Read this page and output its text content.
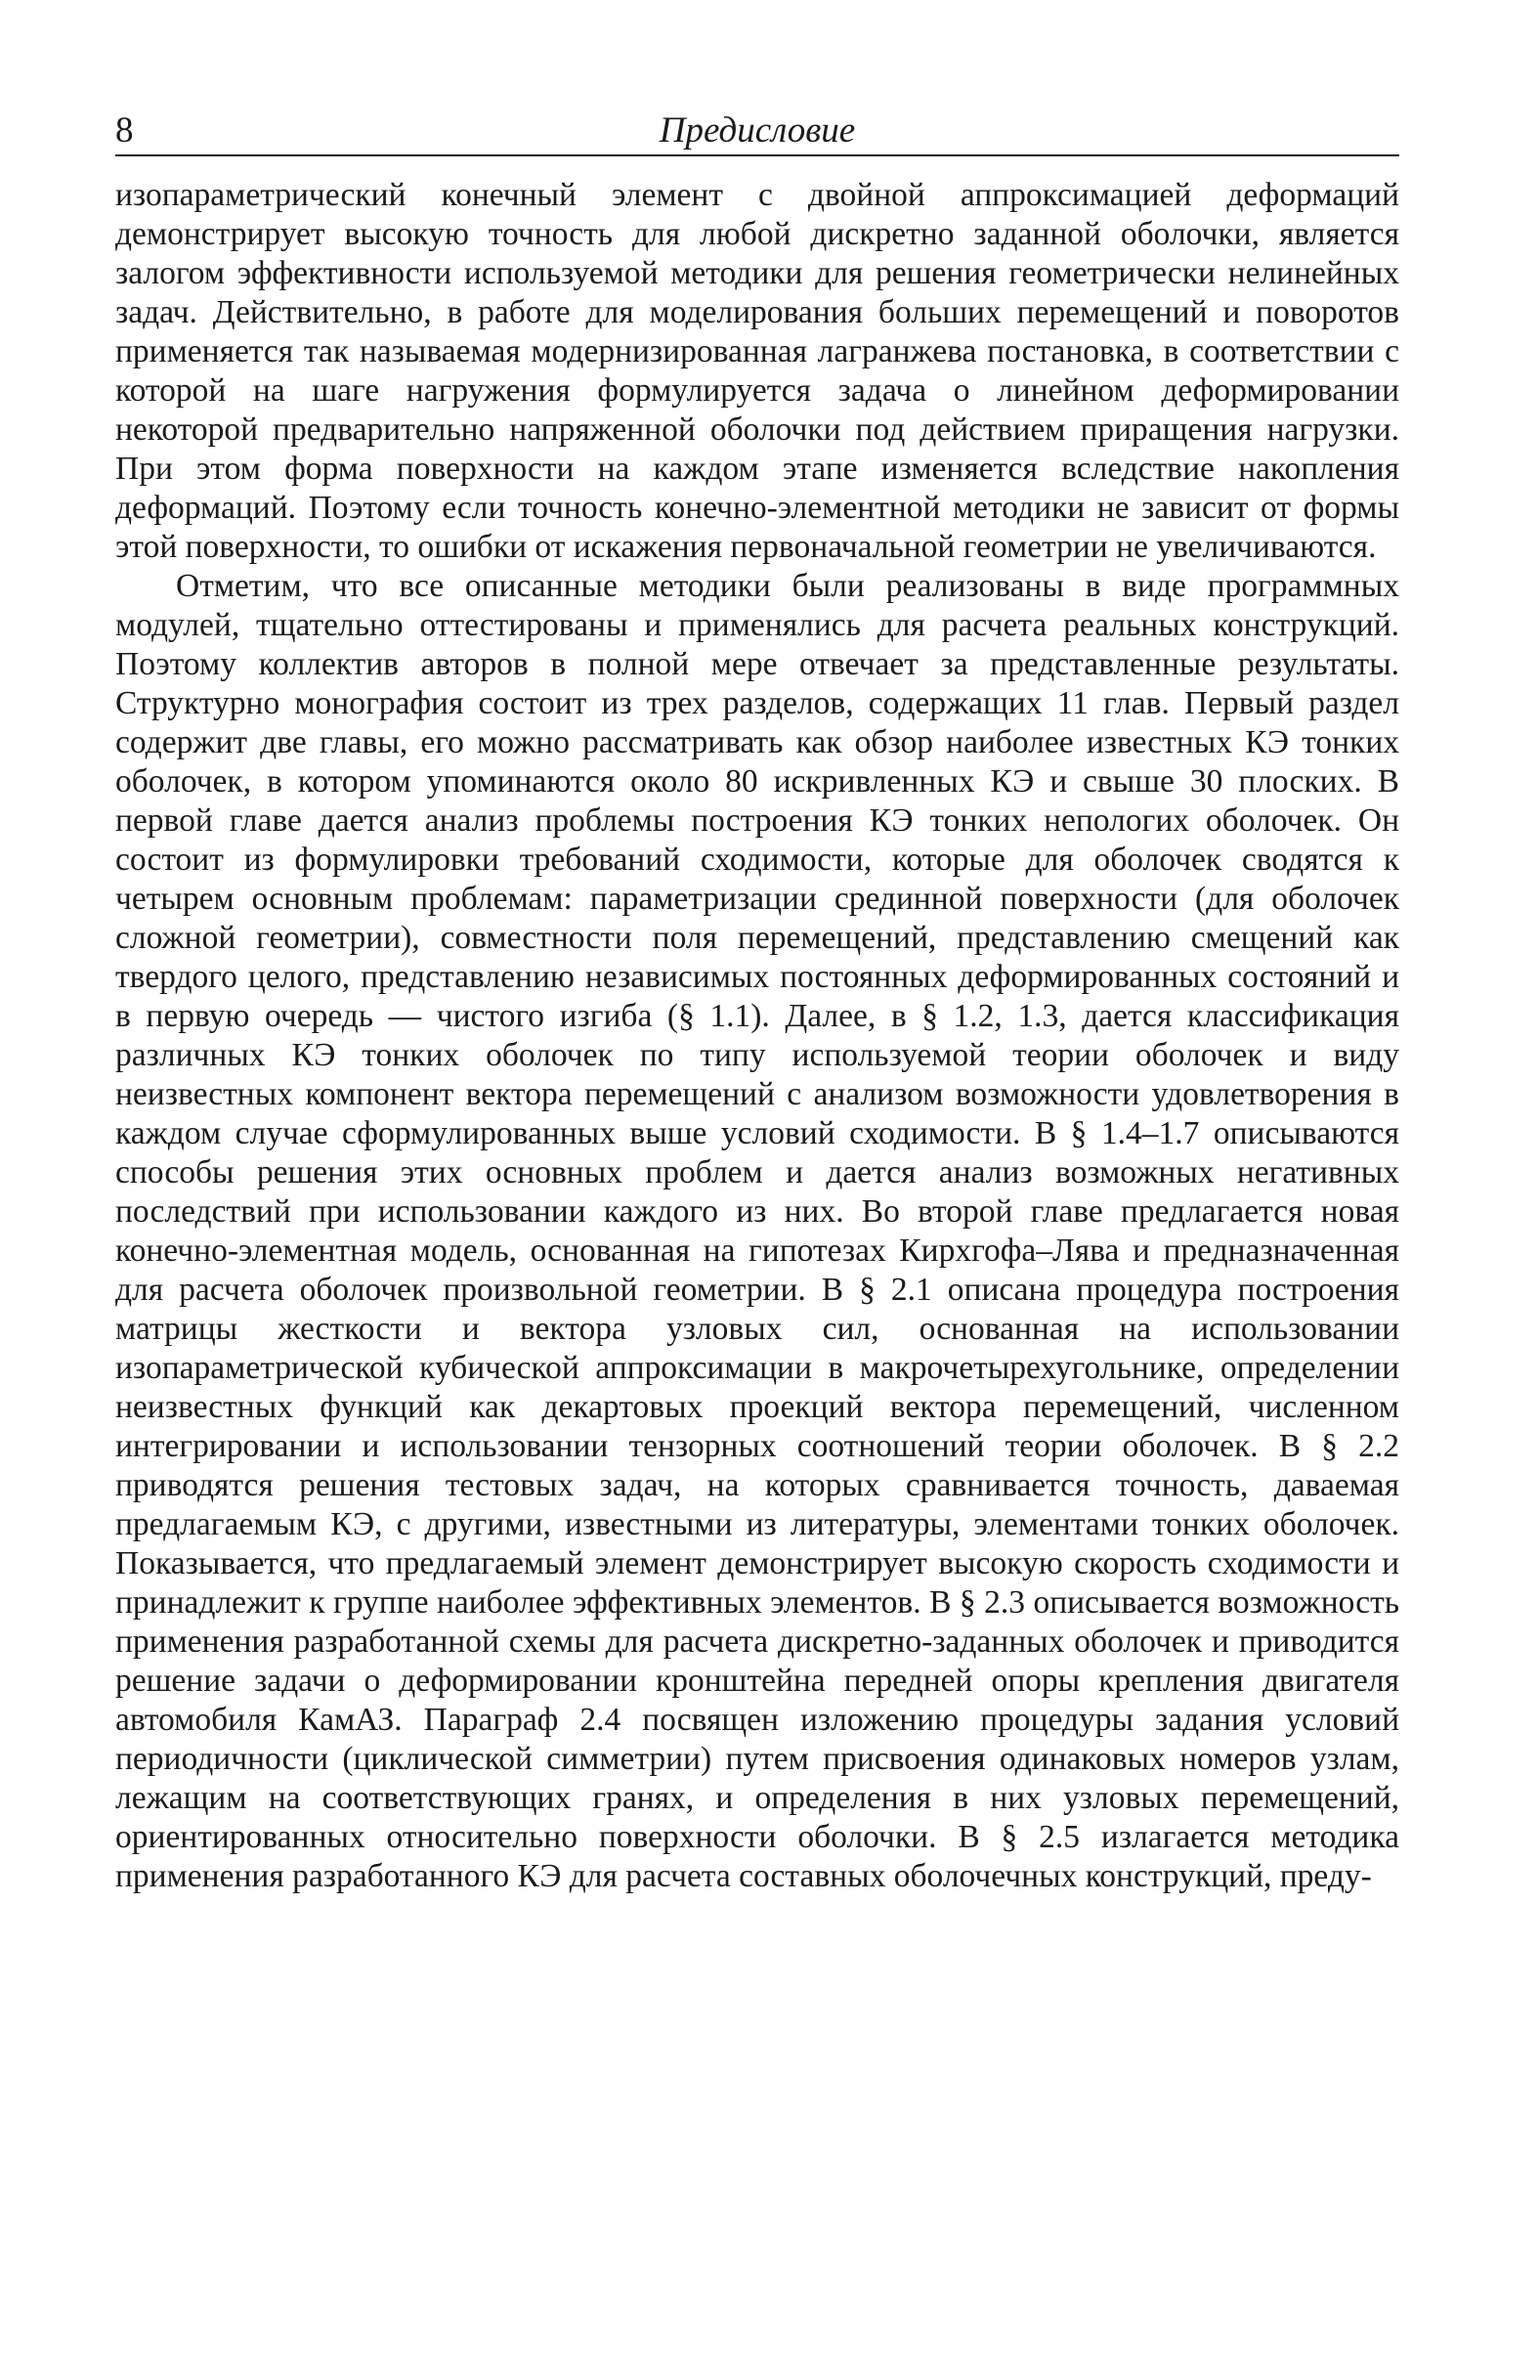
8	Предисловие

изопараметрический конечный элемент с двойной аппроксимацией деформаций демонстрирует высокую точность для любой дискретно заданной оболочки, является залогом эффективности используемой методики для решения геометрически нелинейных задач. Действительно, в работе для моделирования больших перемещений и поворотов применяется так называемая модернизированная лагранжева постановка, в соответствии с которой на шаге нагружения формулируется задача о линейном деформировании некоторой предварительно напряженной оболочки под действием приращения нагрузки. При этом форма поверхности на каждом этапе изменяется вследствие накопления деформаций. Поэтому если точность конечно-элементной методики не зависит от формы этой поверхности, то ошибки от искажения первоначальной геометрии не увеличиваются.

Отметим, что все описанные методики были реализованы в виде программных модулей, тщательно оттестированы и применялись для расчета реальных конструкций. Поэтому коллектив авторов в полной мере отвечает за представленные результаты. Структурно монография состоит из трех разделов, содержащих 11 глав. Первый раздел содержит две главы, его можно рассматривать как обзор наиболее известных КЭ тонких оболочек, в котором упоминаются около 80 искривленных КЭ и свыше 30 плоских. В первой главе дается анализ проблемы построения КЭ тонких непологих оболочек. Он состоит из формулировки требований сходимости, которые для оболочек сводятся к четырем основным проблемам: параметризации срединной поверхности (для оболочек сложной геометрии), совместности поля перемещений, представлению смещений как твердого целого, представлению независимых постоянных деформированных состояний и в первую очередь — чистого изгиба (§ 1.1). Далее, в § 1.2, 1.3, дается классификация различных КЭ тонких оболочек по типу используемой теории оболочек и виду неизвестных компонент вектора перемещений с анализом возможности удовлетворения в каждом случае сформулированных выше условий сходимости. В § 1.4–1.7 описываются способы решения этих основных проблем и дается анализ возможных негативных последствий при использовании каждого из них. Во второй главе предлагается новая конечно-элементная модель, основанная на гипотезах Кирхгофа–Лява и предназначенная для расчета оболочек произвольной геометрии. В § 2.1 описана процедура построения матрицы жесткости и вектора узловых сил, основанная на использовании изопараметрической кубической аппроксимации в макрочетырехугольнике, определении неизвестных функций как декартовых проекций вектора перемещений, численном интегрировании и использовании тензорных соотношений теории оболочек. В § 2.2 приводятся решения тестовых задач, на которых сравнивается точность, даваемая предлагаемым КЭ, с другими, известными из литературы, элементами тонких оболочек. Показывается, что предлагаемый элемент демонстрирует высокую скорость сходимости и принадлежит к группе наиболее эффективных элементов. В § 2.3 описывается возможность применения разработанной схемы для расчета дискретно-заданных оболочек и приводится решение задачи о деформировании кронштейна передней опоры крепления двигателя автомобиля КамАЗ. Параграф 2.4 посвящен изложению процедуры задания условий периодичности (циклической симметрии) путем присвоения одинаковых номеров узлам, лежащим на соответствующих гранях, и определения в них узловых перемещений, ориентированных относительно поверхности оболочки. В § 2.5 излагается методика применения разработанного КЭ для расчета составных оболочечных конструкций, преду-
